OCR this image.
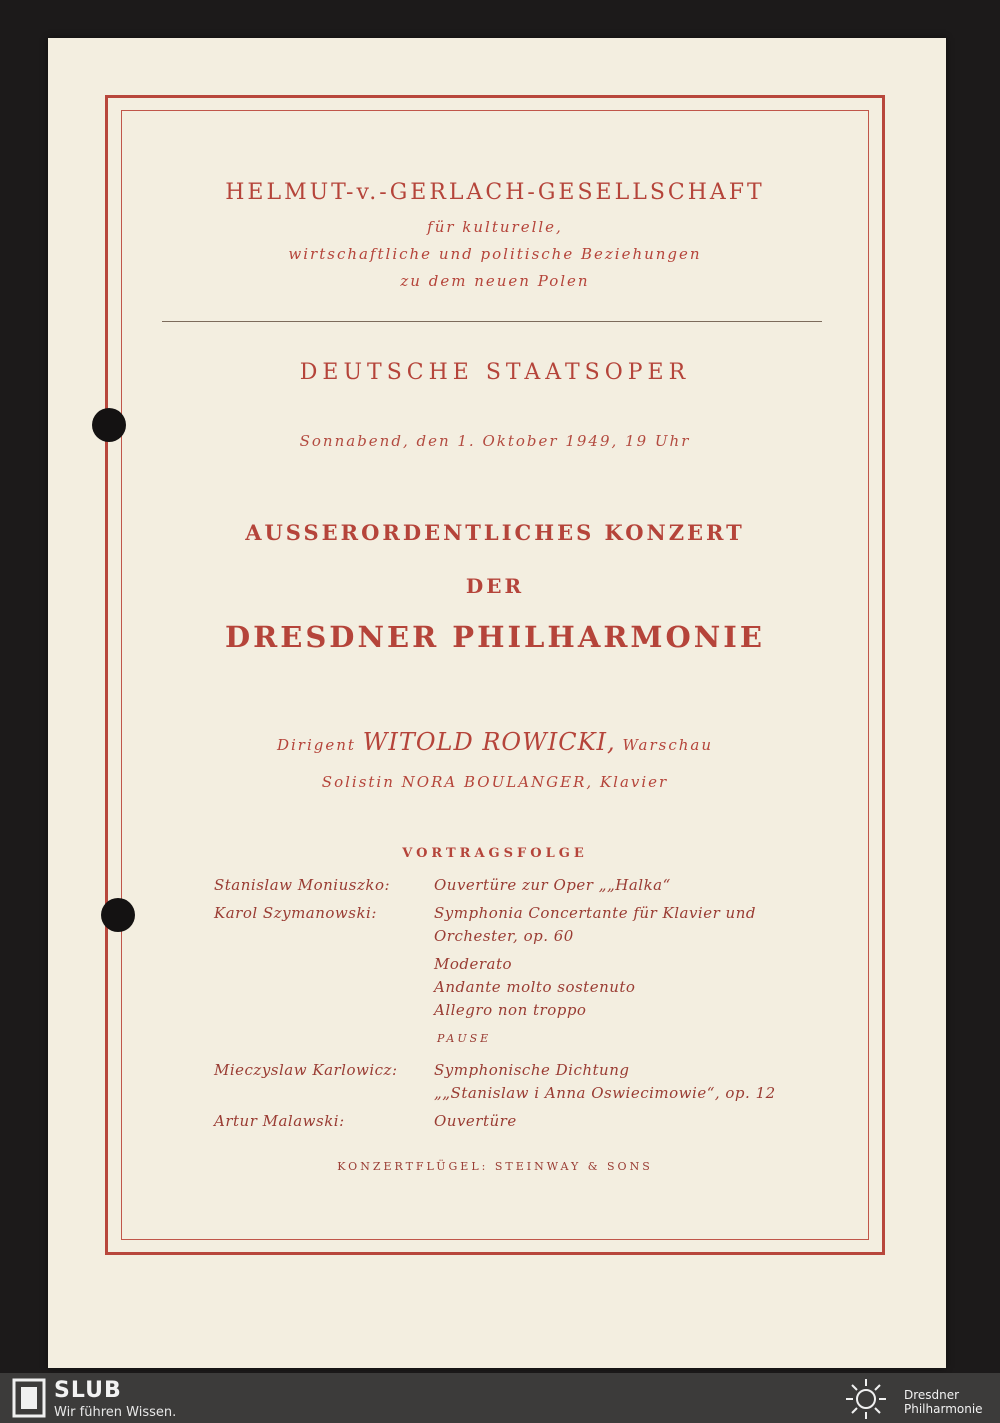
HELMUT-v.-GERLACH-GESELLSCHAFT
für kulturelle,
wirtschaftliche und politische Beziehungen
zu dem neuen Polen
DEUTSCHE STAATSOPER
Sonnabend, den 1. Oktober 1949, 19 Uhr
AUSSERORDENTLICHES KONZERT
DER
DRESDNER PHILHARMONIE
Dirigent WITOLD ROWICKI, Warschau
Solistin NORA BOULANGER, Klavier
VORTRAGSFOLGE
Stanislaw Moniuszko:	Ouvertüre zur Oper „„Halka“
Karol Szymanowski:	Symphonia Concertante für Klavier und
Orchester, op. 60
Moderato
Andante molto sostenuto
Allegro non troppo
PAUSE
Mieczyslaw Karlowicz: Symphonische Dichtung
„„Stanislaw i Anna Oswiecimowie“, op. 12
Artur Malawski:	Ouvertüre
KONZERTFLÜGEL: STEINWAY & SONS
SLUB
Wir führen Wissen.
Dresdner
Philharmonie
